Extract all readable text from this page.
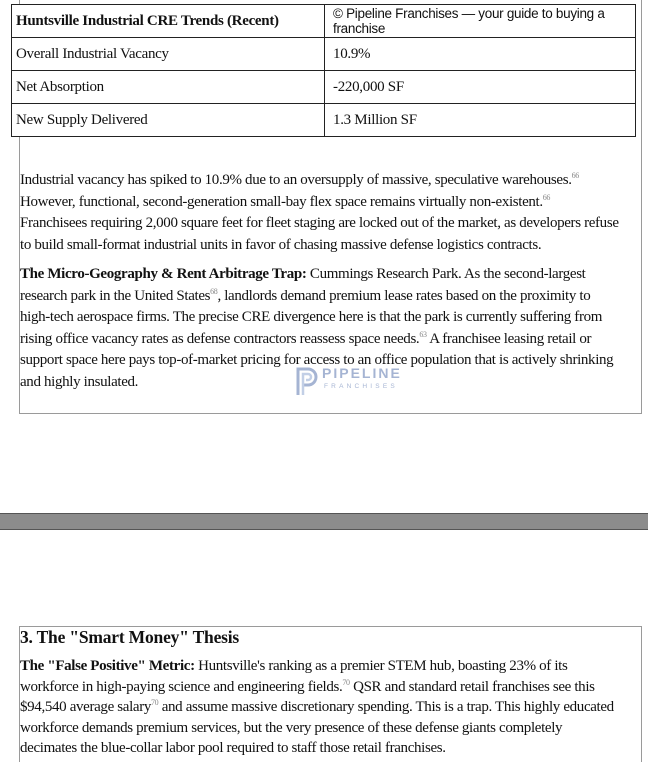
Huntsville Industrial CRE Trends (Recent)	© Pipeline Franchises — your guide to buying a franchise
Overall Industrial Vacancy	10.9%
Net Absorption	-220,000 SF
New Supply Delivered	1.3 Million SF

Industrial vacancy has spiked to 10.9% due to an oversupply of massive, speculative warehouses.$^{66}$
However, functional, second-generation small-bay flex space remains virtually non-existent.$^{66}$
Franchisees requiring 2,000 square feet for fleet staging are locked out of the market, as developers refuse
to build small-format industrial units in favor of chasing massive defense logistics contracts.

The Micro-Geography & Rent Arbitrage Trap: Cummings Research Park. As the second-largest
research park in the United States$^{68}$, landlords demand premium lease rates based on the proximity to
high-tech aerospace firms. The precise CRE divergence here is that the park is currently suffering from
rising office vacancy rates as defense contractors reassess space needs.$^{63}$ A franchisee leasing retail or
support space here pays top-of-market pricing for access to an office population that is actively shrinking
and highly insulated.

PIPELINE
FRANCHISES
3. The "Smart Money" Thesis

The "False Positive" Metric: Huntsville's ranking as a premier STEM hub, boasting 23% of its
workforce in high-paying science and engineering fields.$^{70}$ QSR and standard retail franchises see this
$94,540 average salary$^{70}$ and assume massive discretionary spending. This is a trap. This highly educated
workforce demands premium services, but the very presence of these defense giants completely
decimates the blue-collar labor pool required to staff those retail franchises.
